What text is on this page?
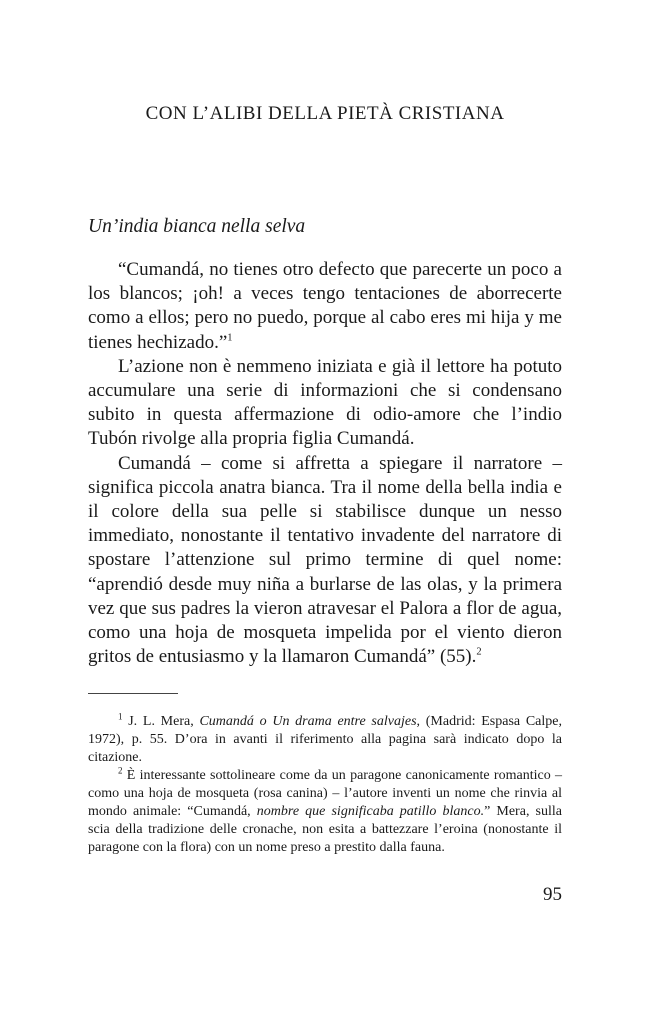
CON L’ALIBI DELLA PIETÀ CRISTIANA
Un’india bianca nella selva

“Cumandá, no tienes otro defecto que parecerte un poco a los blancos; ¡oh! a veces tengo tentaciones de aborrecerte como a ellos; pero no puedo, porque al cabo eres mi hija y me tienes hechizado.”$^1$

L’azione non è nemmeno iniziata e già il lettore ha potuto accumulare una serie di informazioni che si condensano subito in questa affermazione di odio-amore che l’indio Tubón rivolge alla propria figlia Cumandá.

Cumandá – come si affretta a spiegare il narratore – significa piccola anatra bianca. Tra il nome della bella india e il colore della sua pelle si stabilisce dunque un nesso immediato, nonostante il tentativo invadente del narratore di spostare l’attenzione sul primo termine di quel nome: “aprendió desde muy niña a burlarse de las olas, y la primera vez que sus padres la vieron atravesar el Palora a flor de agua, como una hoja de mosqueta impelida por el viento dieron gritos de entusiasmo y la llamaron Cumandá” (55).$^2$

$^1$ J. L. Mera, Cumandá o Un drama entre salvajes, (Madrid: Espasa Calpe, 1972), p. 55. D’ora in avanti il riferimento alla pagina sarà indicato dopo la citazione.

$^2$ È interessante sottolineare come da un paragone canonicamente romantico – como una hoja de mosqueta (rosa canina) – l’autore inventi un nome che rinvia al mondo animale: “Cumandá, nombre que significaba patillo blanco.” Mera, sulla scia della tradizione delle cronache, non esita a battezzare l’eroina (nonostante il paragone con la flora) con un nome preso a prestito dalla fauna.

95
